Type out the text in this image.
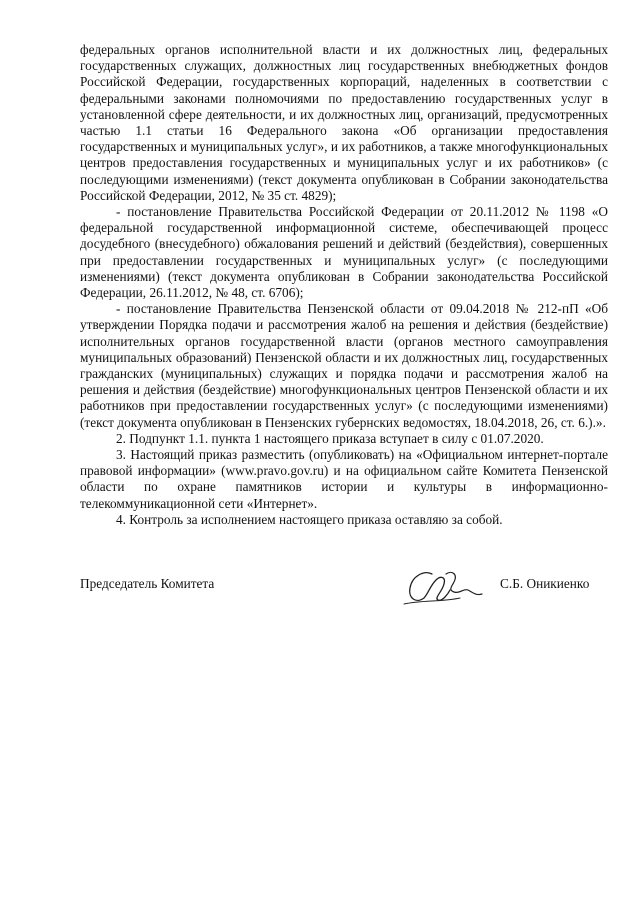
федеральных органов исполнительной власти и их должностных лиц, федеральных государственных служащих, должностных лиц государственных внебюджетных фондов Российской Федерации, государственных корпораций, наделенных в соответствии с федеральными законами полномочиями по предоставлению государственных услуг в установленной сфере деятельности, и их должностных лиц, организаций, предусмотренных частью 1.1 статьи 16 Федерального закона «Об организации предоставления государственных и муниципальных услуг», и их работников, а также многофункциональных центров предоставления государственных и муниципальных услуг и их работников» (с последующими изменениями) (текст документа опубликован в Собрании законодательства Российской Федерации, 2012, № 35 ст. 4829);

- постановление Правительства Российской Федерации от 20.11.2012 № 1198 «О федеральной государственной информационной системе, обеспечивающей процесс досудебного (внесудебного) обжалования решений и действий (бездействия), совершенных при предоставлении государственных и муниципальных услуг» (с последующими изменениями) (текст документа опубликован в Собрании законодательства Российской Федерации, 26.11.2012, № 48, ст. 6706);

- постановление Правительства Пензенской области от 09.04.2018 № 212-пП «Об утверждении Порядка подачи и рассмотрения жалоб на решения и действия (бездействие) исполнительных органов государственной власти (органов местного самоуправления муниципальных образований) Пензенской области и их должностных лиц, государственных гражданских (муниципальных) служащих и порядка подачи и рассмотрения жалоб на решения и действия (бездействие) многофункциональных центров Пензенской области и их работников при предоставлении государственных услуг» (с последующими изменениями) (текст документа опубликован в Пензенских губернских ведомостях, 18.04.2018, 26, ст. 6.).».

2. Подпункт 1.1. пункта 1 настоящего приказа вступает в силу с 01.07.2020.

3. Настоящий приказ разместить (опубликовать) на «Официальном интернет-портале правовой информации» (www.pravo.gov.ru) и на официальном сайте Комитета Пензенской области по охране памятников истории и культуры в информационно-телекоммуникационной сети «Интернет».

4. Контроль за исполнением настоящего приказа оставляю за собой.

Председатель Комитета	С.Б. Оникиенко
